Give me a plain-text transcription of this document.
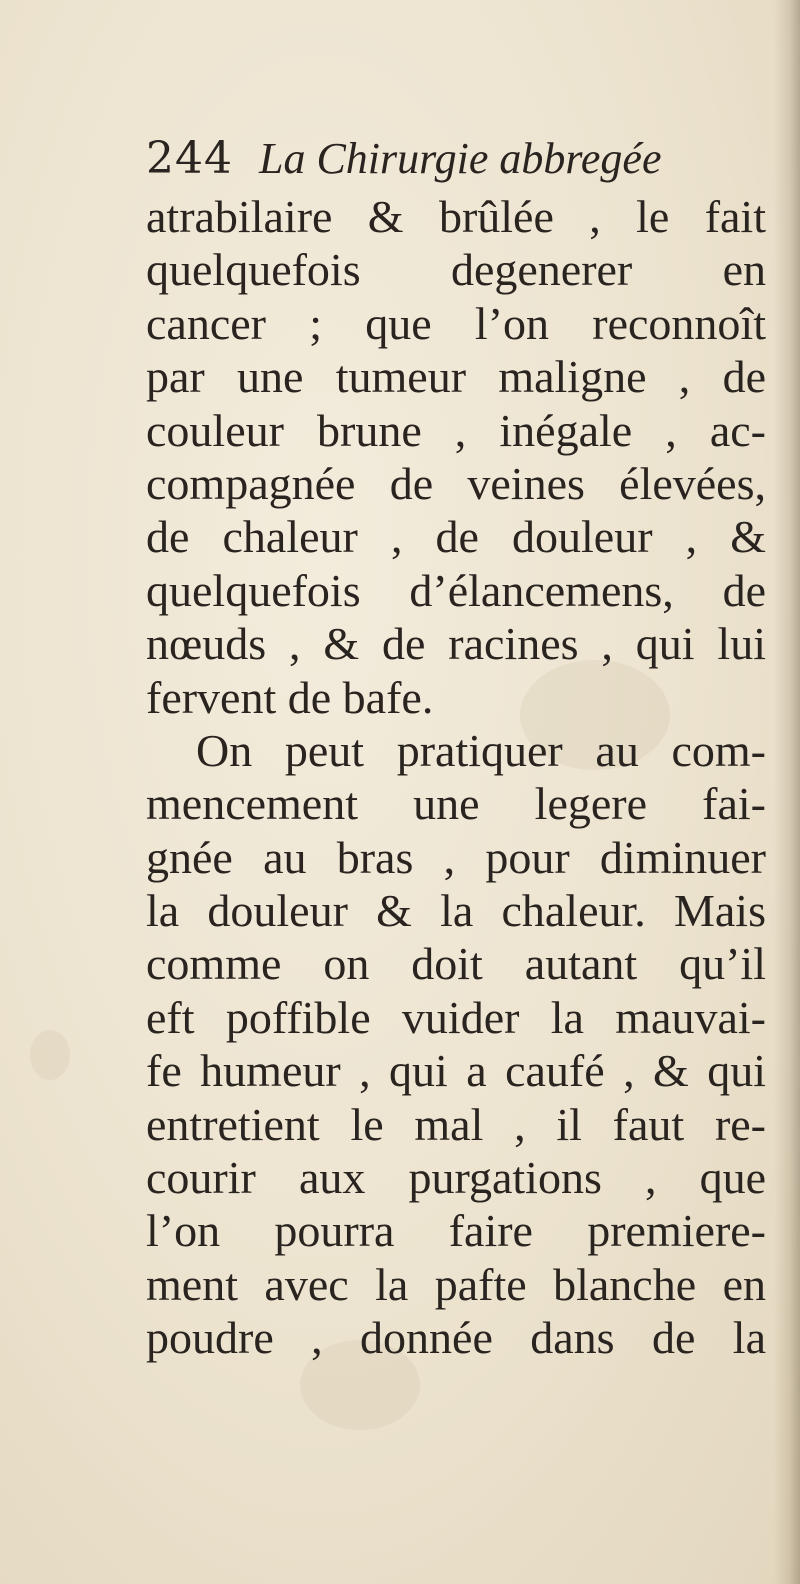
244 La Chirurgie abbregée
atrabilaire & brûlée , le fait
quelquefois degenerer en
cancer ; que l’on reconnoît
par une tumeur maligne , de
couleur brune , inégale , ac-
compagnée de veines élevées,
de chaleur , de douleur , &
quelquefois d’élancemens, de
nœuds , & de racines , qui lui
fervent de bafe.
On peut pratiquer au com-
mencement une legere fai-
gnée au bras , pour diminuer
la douleur & la chaleur. Mais
comme on doit autant qu’il
eft poffible vuider la mauvai-
fe humeur , qui a caufé , & qui
entretient le mal , il faut re-
courir aux purgations , que
l’on pourra faire premiere-
ment avec la pafte blanche en
poudre , donnée dans de la
